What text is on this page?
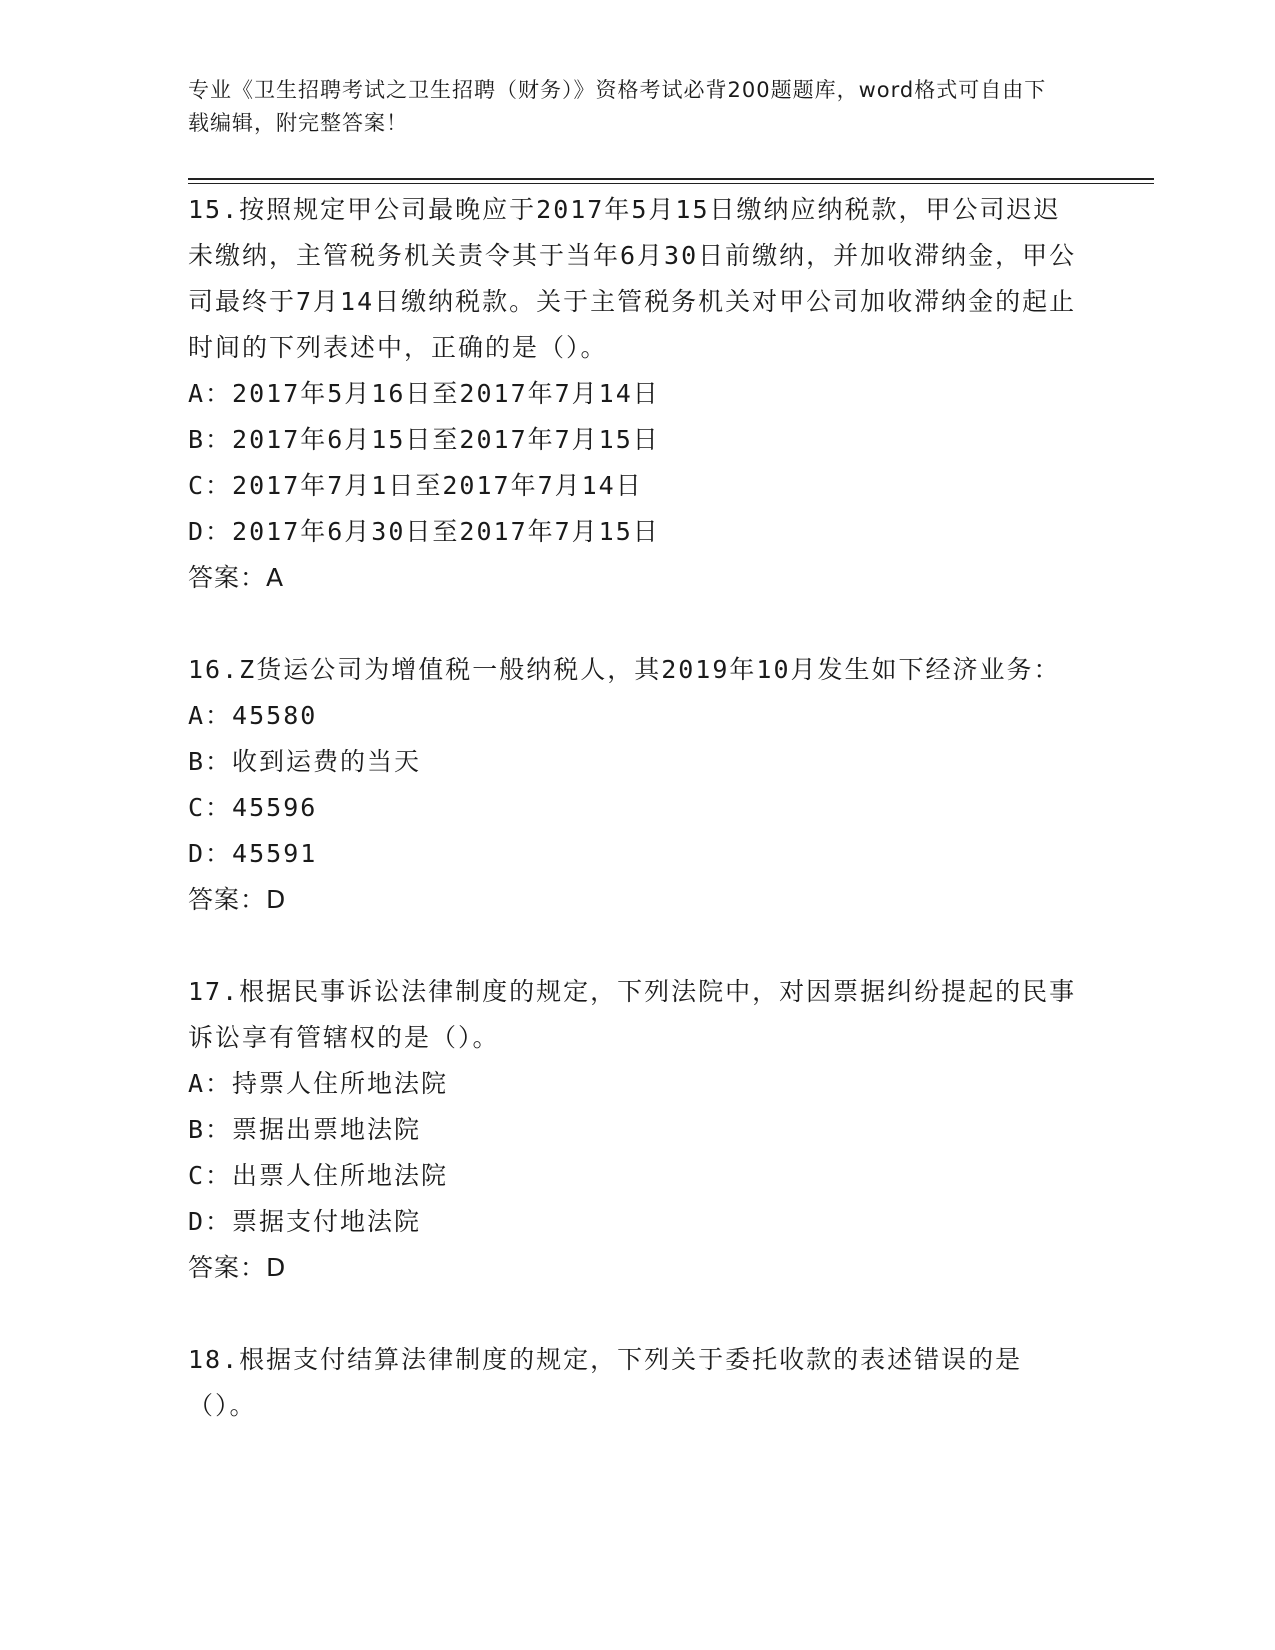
专业《卫生招聘考试之卫生招聘（财务）》资格考试必背200题题库，word格式可自由下载编辑，附完整答案！
15.按照规定甲公司最晚应于2017年5月15日缴纳应纳税款，甲公司迟迟未缴纳，主管税务机关责令其于当年6月30日前缴纳，并加收滞纳金，甲公司最终于7月14日缴纳税款。关于主管税务机关对甲公司加收滞纳金的起止时间的下列表述中，正确的是（）。
A：2017年5月16日至2017年7月14日
B：2017年6月15日至2017年7月15日
C：2017年7月1日至2017年7月14日
D：2017年6月30日至2017年7月15日
答案：A
16.Z货运公司为增值税一般纳税人，其2019年10月发生如下经济业务：
A：45580
B：收到运费的当天
C：45596
D：45591
答案：D
17.根据民事诉讼法律制度的规定，下列法院中，对因票据纠纷提起的民事诉讼享有管辖权的是（）。
A：持票人住所地法院
B：票据出票地法院
C：出票人住所地法院
D：票据支付地法院
答案：D
18.根据支付结算法律制度的规定，下列关于委托收款的表述错误的是（）。
